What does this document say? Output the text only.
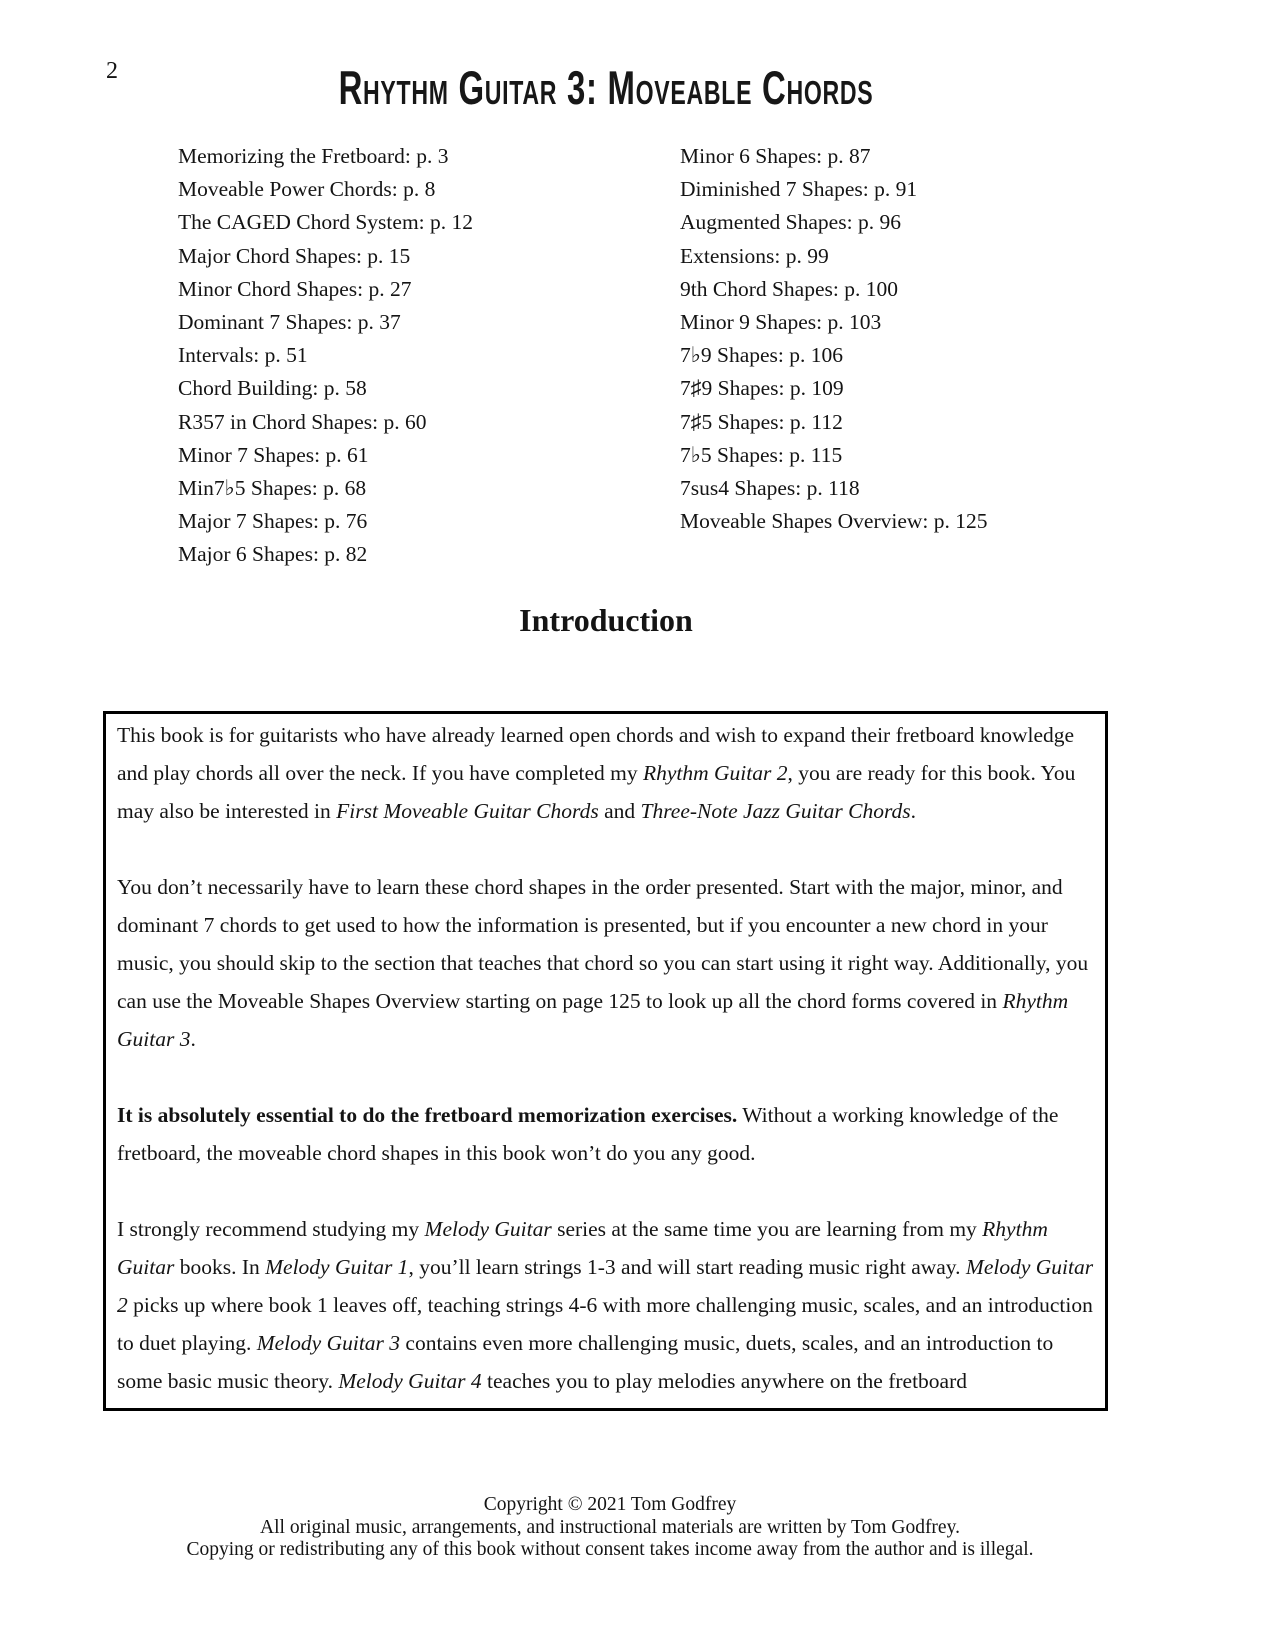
2	Rhythm Guitar 3: Moveable Chords
Memorizing the Fretboard: p. 3
Moveable Power Chords: p. 8
The CAGED Chord System: p. 12
Major Chord Shapes: p. 15
Minor Chord Shapes: p. 27
Dominant 7 Shapes: p. 37
Intervals: p. 51
Chord Building: p. 58
R357 in Chord Shapes: p. 60
Minor 7 Shapes: p. 61
Min7♭5 Shapes: p. 68
Major 7 Shapes: p. 76
Major 6 Shapes: p. 82
Minor 6 Shapes: p. 87
Diminished 7 Shapes: p. 91
Augmented Shapes: p. 96
Extensions: p. 99
9th Chord Shapes: p. 100
Minor 9 Shapes: p. 103
7♭9 Shapes: p. 106
7♯9 Shapes: p. 109
7♯5 Shapes: p. 112
7♭5 Shapes: p. 115
7sus4 Shapes: p. 118
Moveable Shapes Overview: p. 125
Introduction

This book is for guitarists who have already learned open chords and wish to expand their fretboard knowledge and play chords all over the neck. If you have completed my Rhythm Guitar 2, you are ready for this book. You may also be interested in First Moveable Guitar Chords and Three-Note Jazz Guitar Chords.

You don’t necessarily have to learn these chord shapes in the order presented. Start with the major, minor, and dominant 7 chords to get used to how the information is presented, but if you encounter a new chord in your music, you should skip to the section that teaches that chord so you can start using it right way. Additionally, you can use the Moveable Shapes Overview starting on page 125 to look up all the chord forms covered in Rhythm Guitar 3.

It is absolutely essential to do the fretboard memorization exercises. Without a working knowledge of the fretboard, the moveable chord shapes in this book won’t do you any good.

I strongly recommend studying my Melody Guitar series at the same time you are learning from my Rhythm Guitar books. In Melody Guitar 1, you’ll learn strings 1-3 and will start reading music right away. Melody Guitar 2 picks up where book 1 leaves off, teaching strings 4-6 with more challenging music, scales, and an introduction to duet playing. Melody Guitar 3 contains even more challenging music, duets, scales, and an introduction to some basic music theory. Melody Guitar 4 teaches you to play melodies anywhere on the fretboard

Copyright © 2021 Tom Godfrey
All original music, arrangements, and instructional materials are written by Tom Godfrey.
Copying or redistributing any of this book without consent takes income away from the author and is illegal.
